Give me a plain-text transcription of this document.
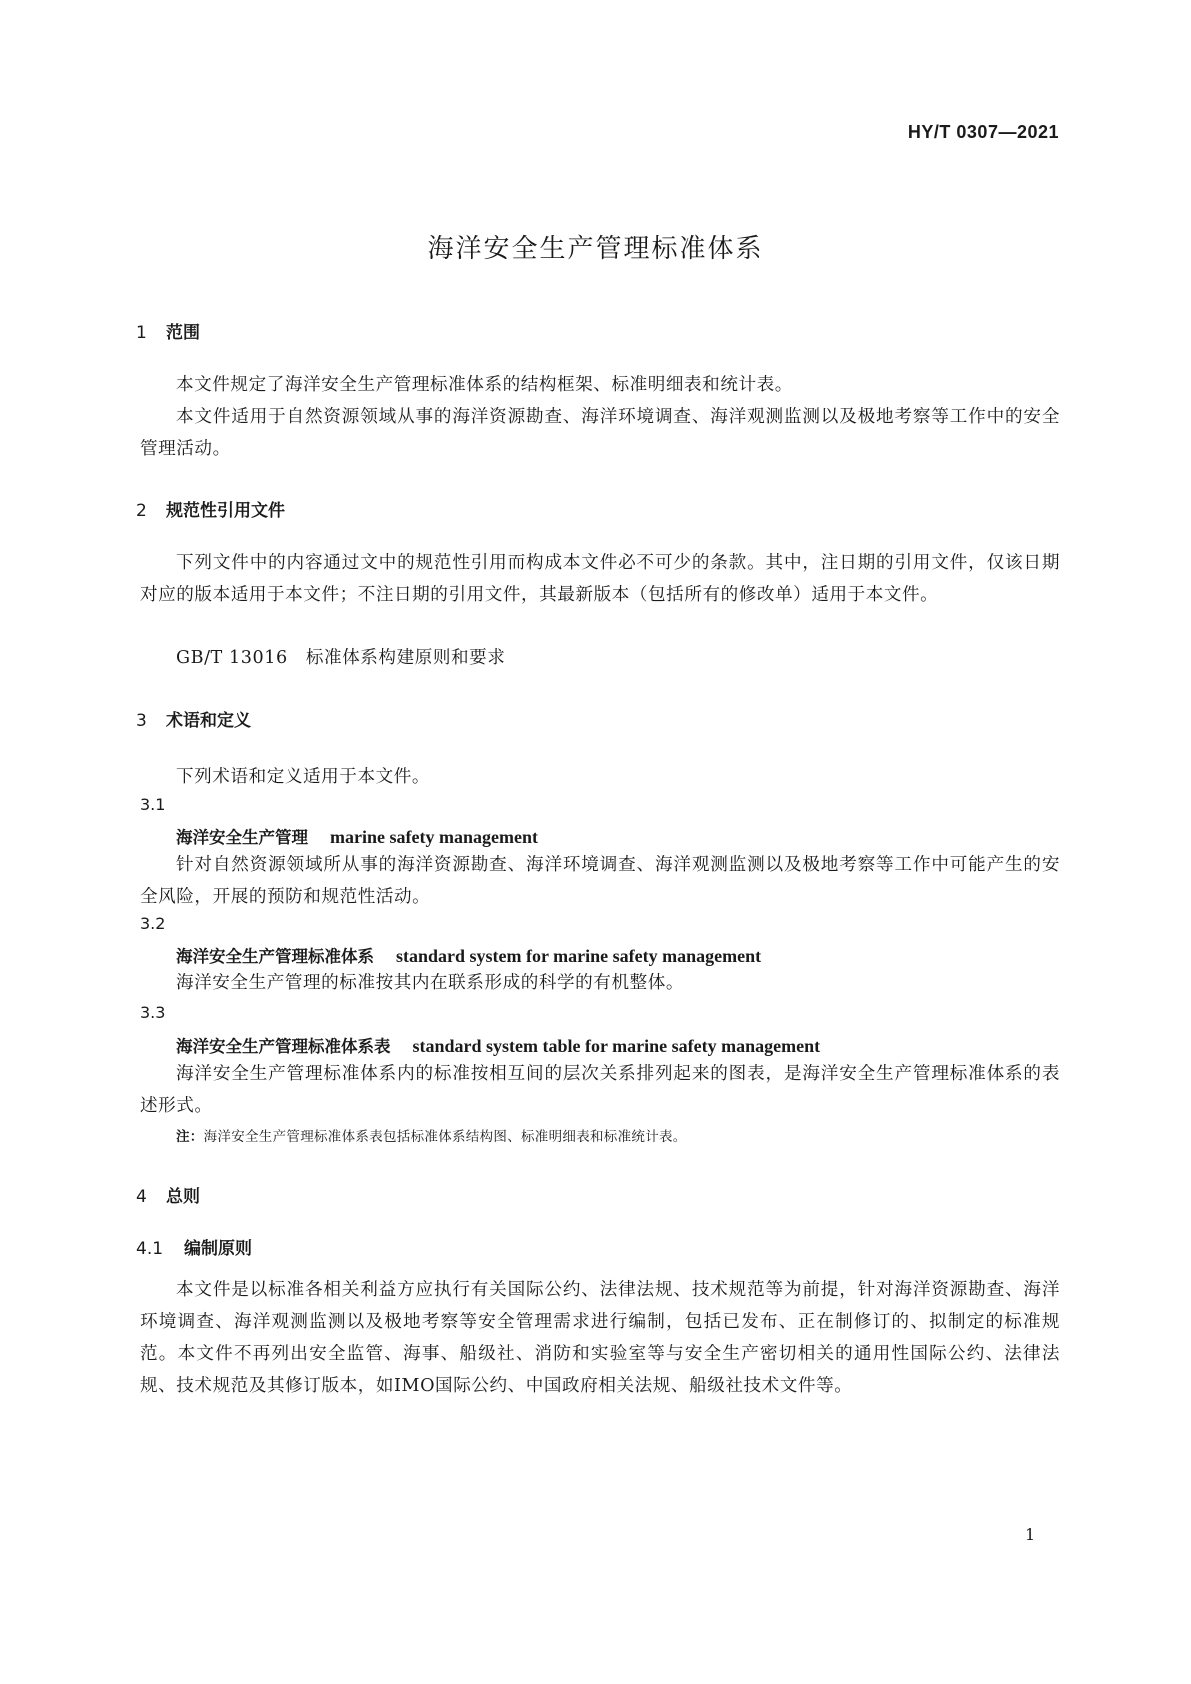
HY/T 0307—2021
海洋安全生产管理标准体系
1 范围

本文件规定了海洋安全生产管理标准体系的结构框架、标准明细表和统计表。

本文件适用于自然资源领域从事的海洋资源勘查、海洋环境调查、海洋观测监测以及极地考察等工作中的安全管理活动。

2 规范性引用文件

下列文件中的内容通过文中的规范性引用而构成本文件必不可少的条款。其中，注日期的引用文件，仅该日期对应的版本适用于本文件；不注日期的引用文件，其最新版本（包括所有的修改单）适用于本文件。

GB/T 13016　标准体系构建原则和要求
3 术语和定义
下列术语和定义适用于本文件。
3.1
海洋安全生产管理 marine safety management

针对自然资源领域所从事的海洋资源勘查、海洋环境调查、海洋观测监测以及极地考察等工作中可能产生的安全风险，开展的预防和规范性活动。

3.2
海洋安全生产管理标准体系 standard system for marine safety management
海洋安全生产管理的标准按其内在联系形成的科学的有机整体。
3.3
海洋安全生产管理标准体系表 standard system table for marine safety management

海洋安全生产管理标准体系内的标准按相互间的层次关系排列起来的图表，是海洋安全生产管理标准体系的表述形式。

注：海洋安全生产管理标准体系表包括标准体系结构图、标准明细表和标准统计表。
4 总则
4.1 编制原则

本文件是以标准各相关利益方应执行有关国际公约、法律法规、技术规范等为前提，针对海洋资源勘查、海洋环境调查、海洋观测监测以及极地考察等安全管理需求进行编制，包括已发布、正在制修订的、拟制定的标准规范。本文件不再列出安全监管、海事、船级社、消防和实验室等与安全生产密切相关的通用性国际公约、法律法规、技术规范及其修订版本，如IMO国际公约、中国政府相关法规、船级社技术文件等。

1
